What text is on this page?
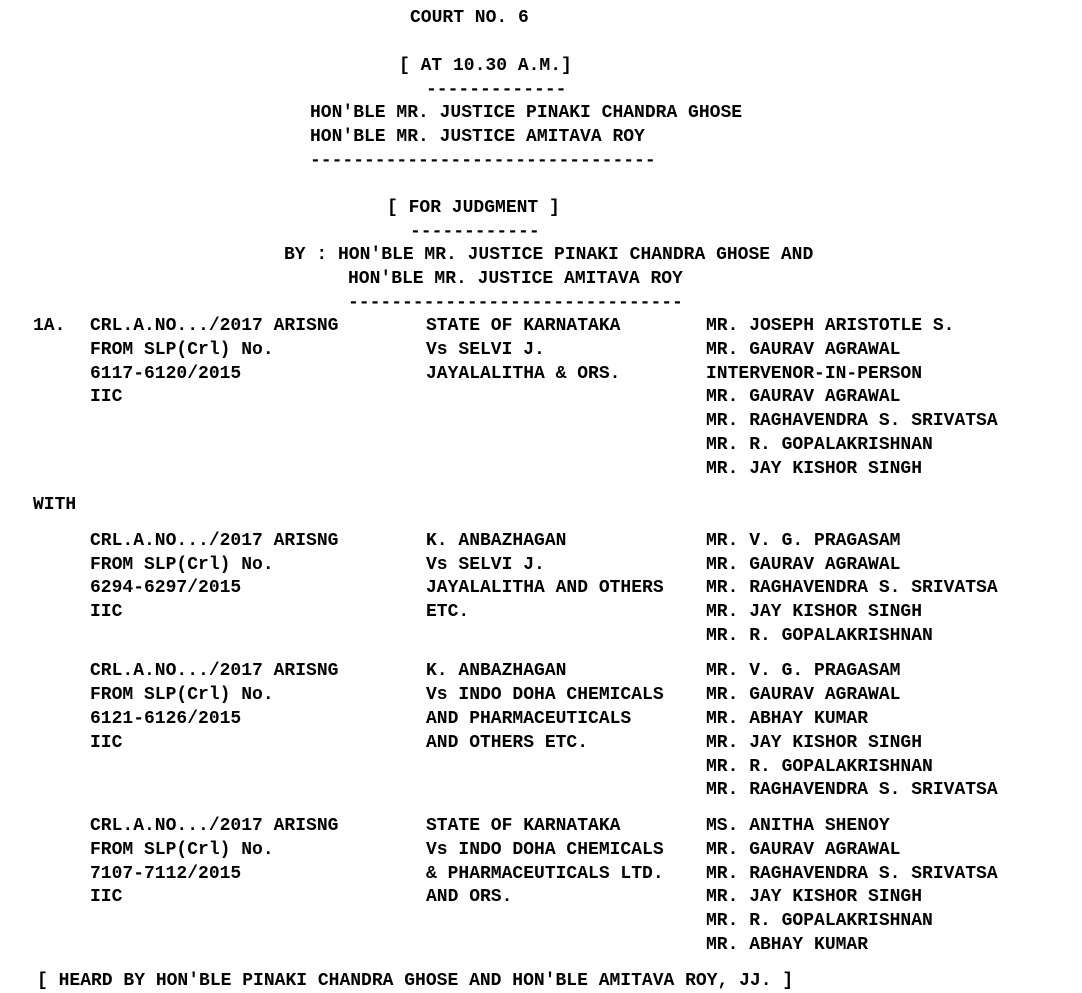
COURT NO. 6
[ AT 10.30 A.M.]
-------------
HON'BLE MR. JUSTICE PINAKI CHANDRA GHOSE
HON'BLE MR. JUSTICE AMITAVA ROY
--------------------------------
[ FOR JUDGMENT ]
------------
BY : HON'BLE MR. JUSTICE PINAKI CHANDRA GHOSE AND
HON'BLE MR. JUSTICE AMITAVA ROY
-------------------------------
1A. CRL.A.NO.../2017 ARISNG
FROM SLP(Crl) No.
6117-6120/2015
IIC
STATE OF KARNATAKA
Vs SELVI J.
JAYALALITHA & ORS.
MR. JOSEPH ARISTOTLE S.
MR. GAURAV AGRAWAL
INTERVENOR-IN-PERSON
MR. GAURAV AGRAWAL
MR. RAGHAVENDRA S. SRIVATSA
MR. R. GOPALAKRISHNAN
MR. JAY KISHOR SINGH
WITH
CRL.A.NO.../2017 ARISNG
FROM SLP(Crl) No.
6294-6297/2015
IIC
K. ANBAZHAGAN
Vs SELVI J.
JAYALALITHA AND OTHERS
ETC.
MR. V. G. PRAGASAM
MR. GAURAV AGRAWAL
MR. RAGHAVENDRA S. SRIVATSA
MR. JAY KISHOR SINGH
MR. R. GOPALAKRISHNAN
CRL.A.NO.../2017 ARISNG
FROM SLP(Crl) No.
6121-6126/2015
IIC
K. ANBAZHAGAN
Vs INDO DOHA CHEMICALS
AND PHARMACEUTICALS
AND OTHERS ETC.
MR. V. G. PRAGASAM
MR. GAURAV AGRAWAL
MR. ABHAY KUMAR
MR. JAY KISHOR SINGH
MR. R. GOPALAKRISHNAN
MR. RAGHAVENDRA S. SRIVATSA
CRL.A.NO.../2017 ARISNG
FROM SLP(Crl) No.
7107-7112/2015
IIC
STATE OF KARNATAKA
Vs INDO DOHA CHEMICALS
& PHARMACEUTICALS LTD.
AND ORS.
MS. ANITHA SHENOY
MR. GAURAV AGRAWAL
MR. RAGHAVENDRA S. SRIVATSA
MR. JAY KISHOR SINGH
MR. R. GOPALAKRISHNAN
MR. ABHAY KUMAR
[ HEARD BY HON'BLE PINAKI CHANDRA GHOSE AND HON'BLE AMITAVA ROY, JJ. ]
